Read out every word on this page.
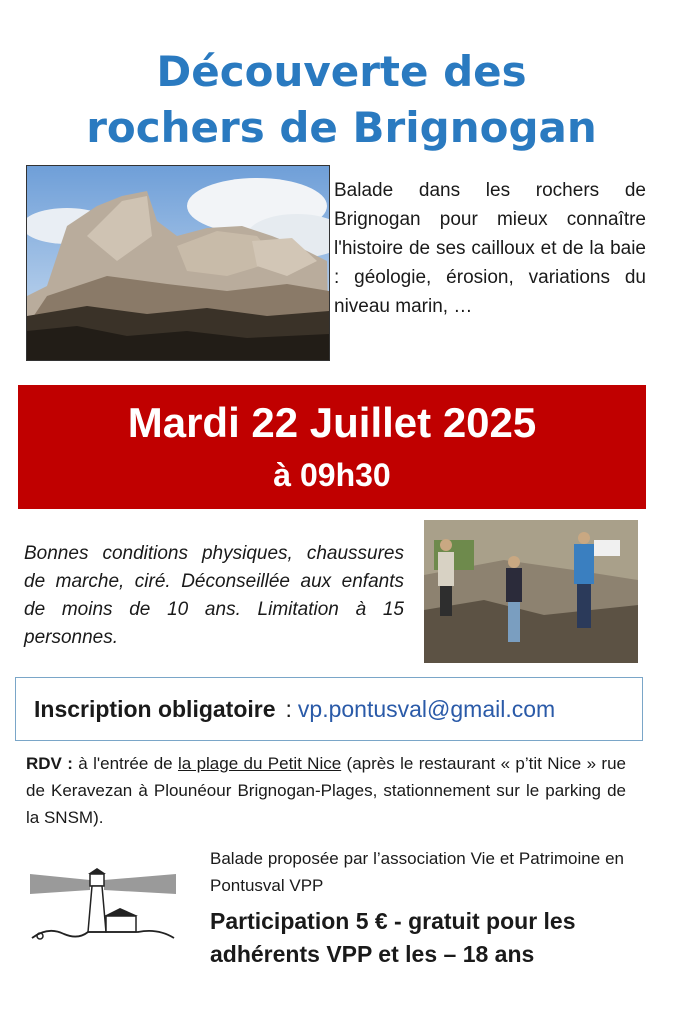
Découverte des
rochers de Brignogan
Balade dans les rochers de Brignogan pour mieux connaître l'histoire de ses cailloux et de la baie : géologie, érosion, variations du niveau marin, …
Mardi 22 Juillet 2025
à 09h30
Bonnes conditions physiques, chaussures de marche, ciré. Déconseillée aux enfants de moins de 10 ans. Limitation à 15 personnes.
Inscription obligatoire : vp.pontusval@gmail.com
RDV : à l'entrée de la plage du Petit Nice (après le restaurant « p’tit Nice » rue de Keravezan à Plounéour Brignogan-Plages, stationnement sur le parking de la SNSM).
Balade proposée par l’association Vie et Patrimoine en Pontusval VPP
Participation 5 € - gratuit pour les adhérents VPP et les – 18 ans
